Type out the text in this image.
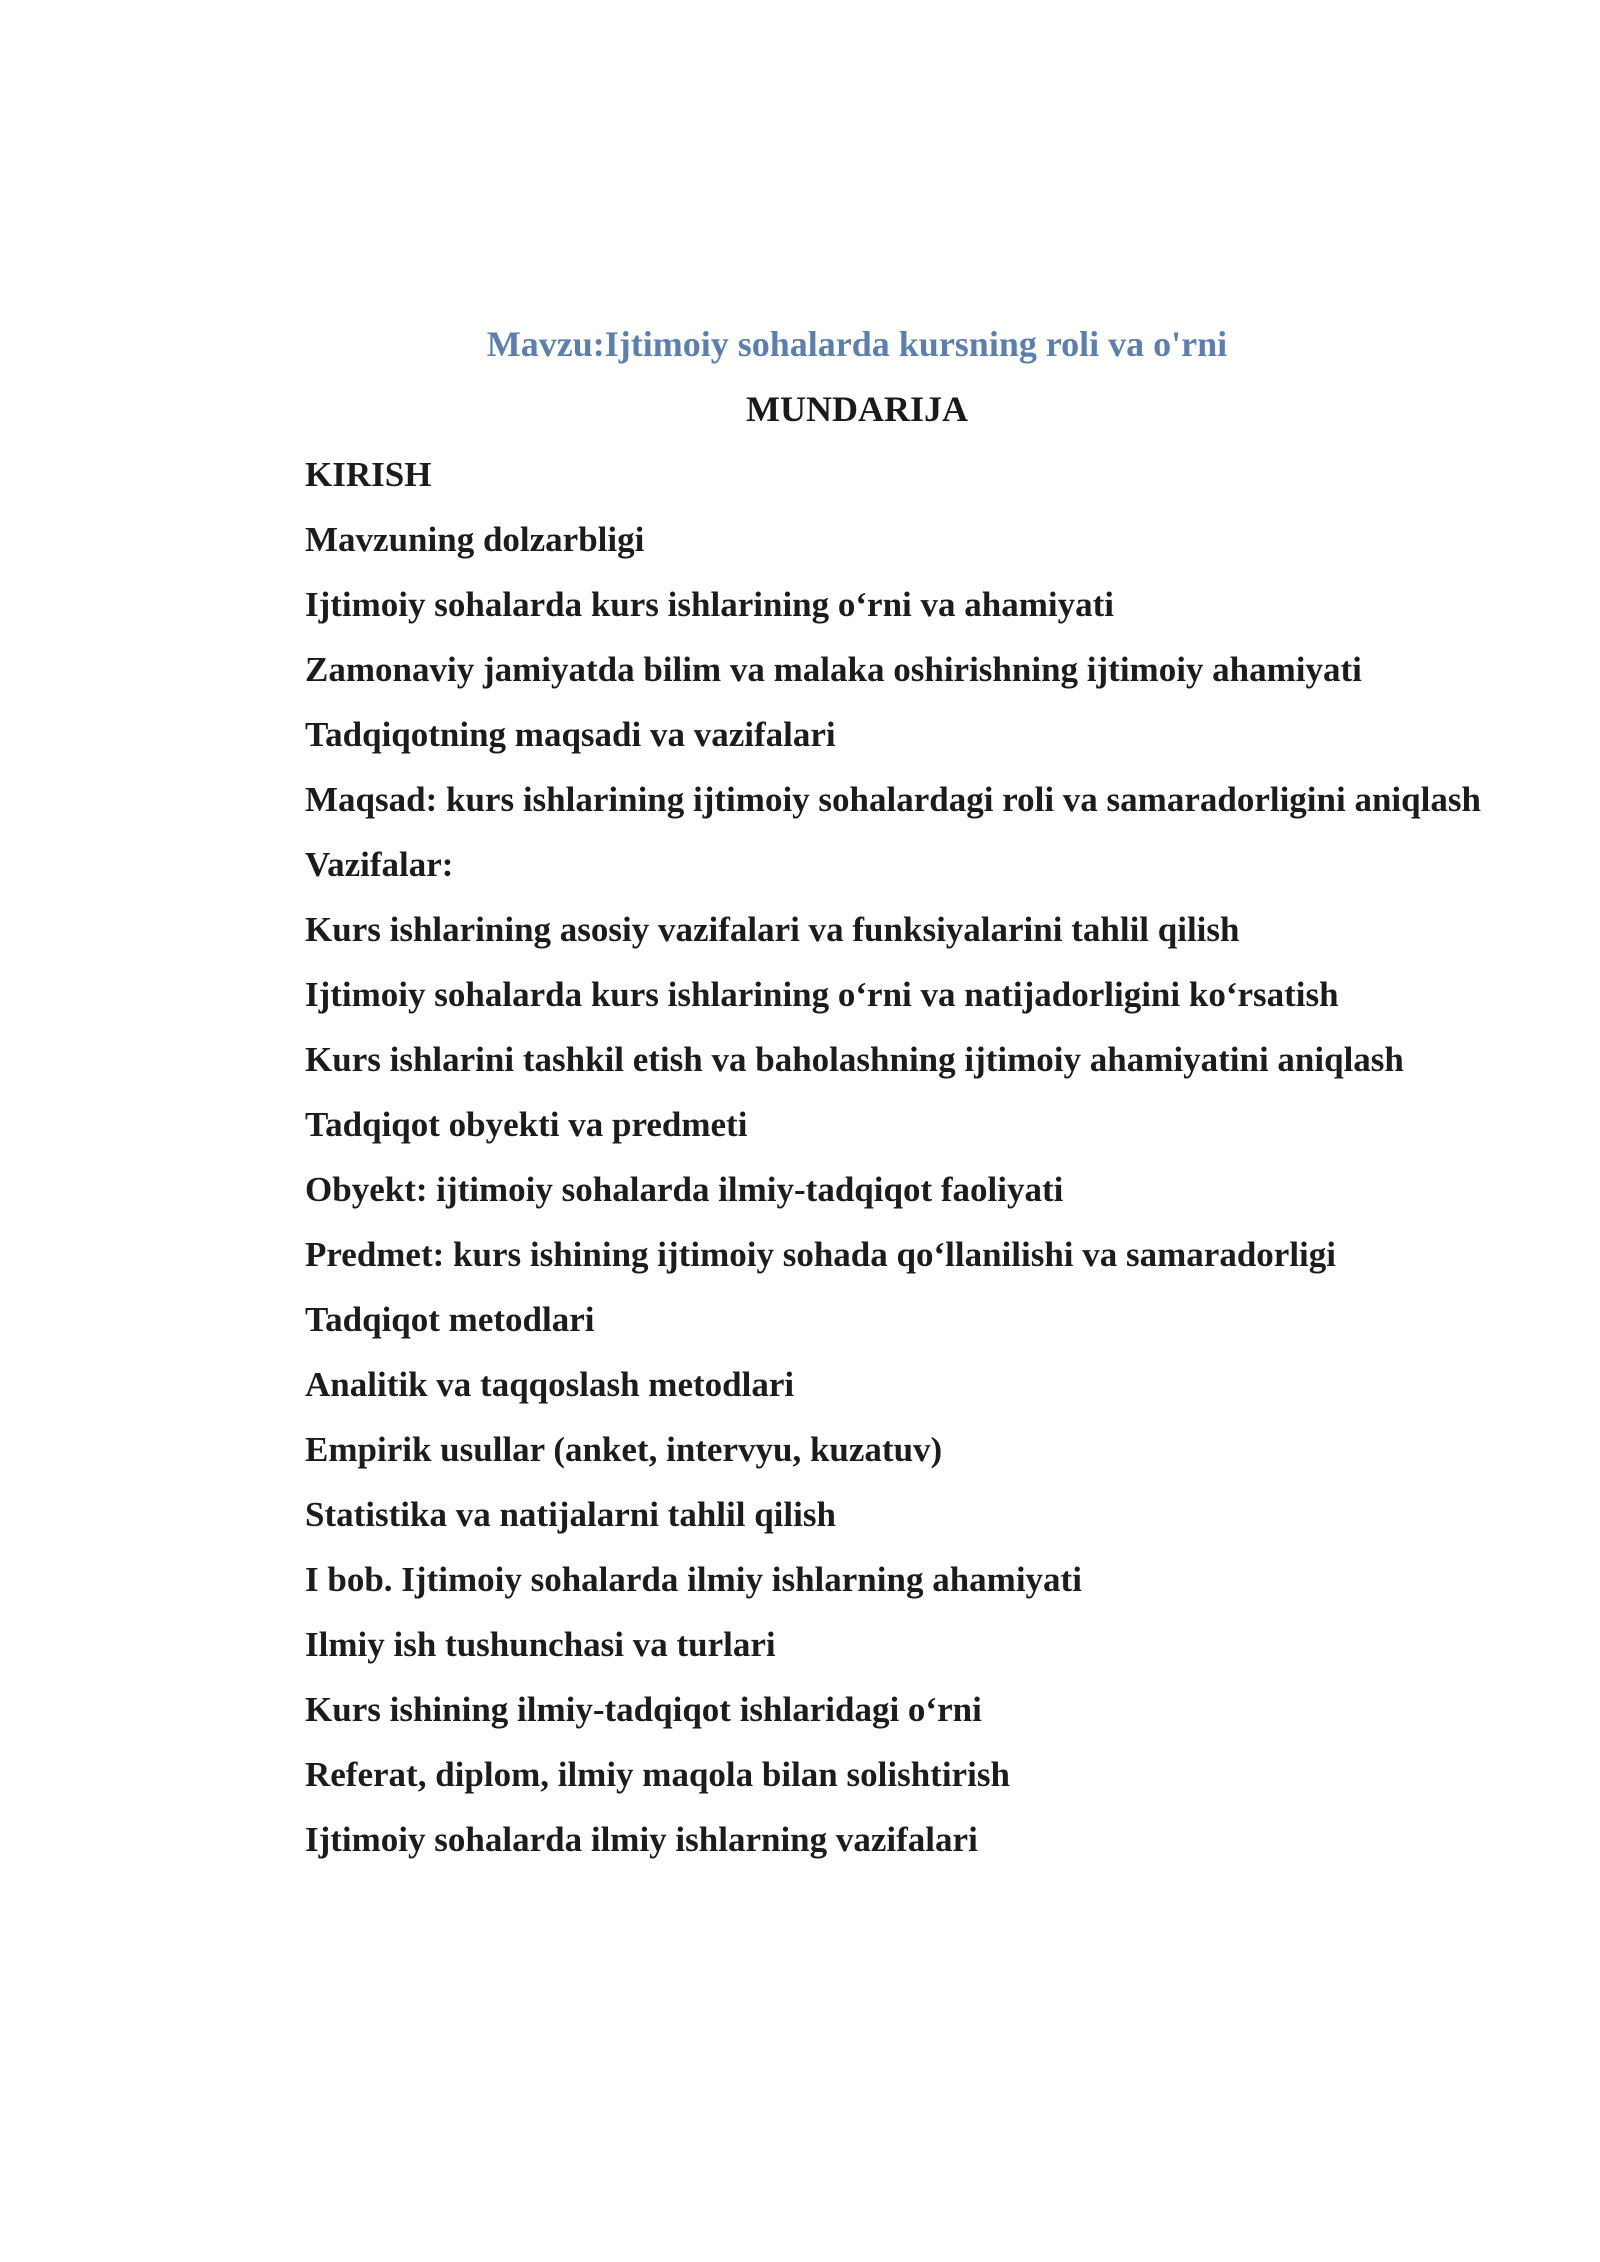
Mavzu:Ijtimoiy sohalarda kursning roli va o'rni

MUNDARIJA

KIRISH

Mavzuning dolzarbligi

Ijtimoiy sohalarda kurs ishlarining o‘rni va ahamiyati

Zamonaviy jamiyatda bilim va malaka oshirishning ijtimoiy ahamiyati

Tadqiqotning maqsadi va vazifalari

Maqsad: kurs ishlarining ijtimoiy sohalardagi roli va samaradorligini aniqlash

Vazifalar:

Kurs ishlarining asosiy vazifalari va funksiyalarini tahlil qilish

Ijtimoiy sohalarda kurs ishlarining o‘rni va natijadorligini ko‘rsatish

Kurs ishlarini tashkil etish va baholashning ijtimoiy ahamiyatini aniqlash

Tadqiqot obyekti va predmeti

Obyekt: ijtimoiy sohalarda ilmiy-tadqiqot faoliyati

Predmet: kurs ishining ijtimoiy sohada qo‘llanilishi va samaradorligi

Tadqiqot metodlari

Analitik va taqqoslash metodlari

Empirik usullar (anket, intervyu, kuzatuv)

Statistika va natijalarni tahlil qilish

I bob. Ijtimoiy sohalarda ilmiy ishlarning ahamiyati

Ilmiy ish tushunchasi va turlari

Kurs ishining ilmiy-tadqiqot ishlaridagi o‘rni

Referat, diplom, ilmiy maqola bilan solishtirish

Ijtimoiy sohalarda ilmiy ishlarning vazifalari
